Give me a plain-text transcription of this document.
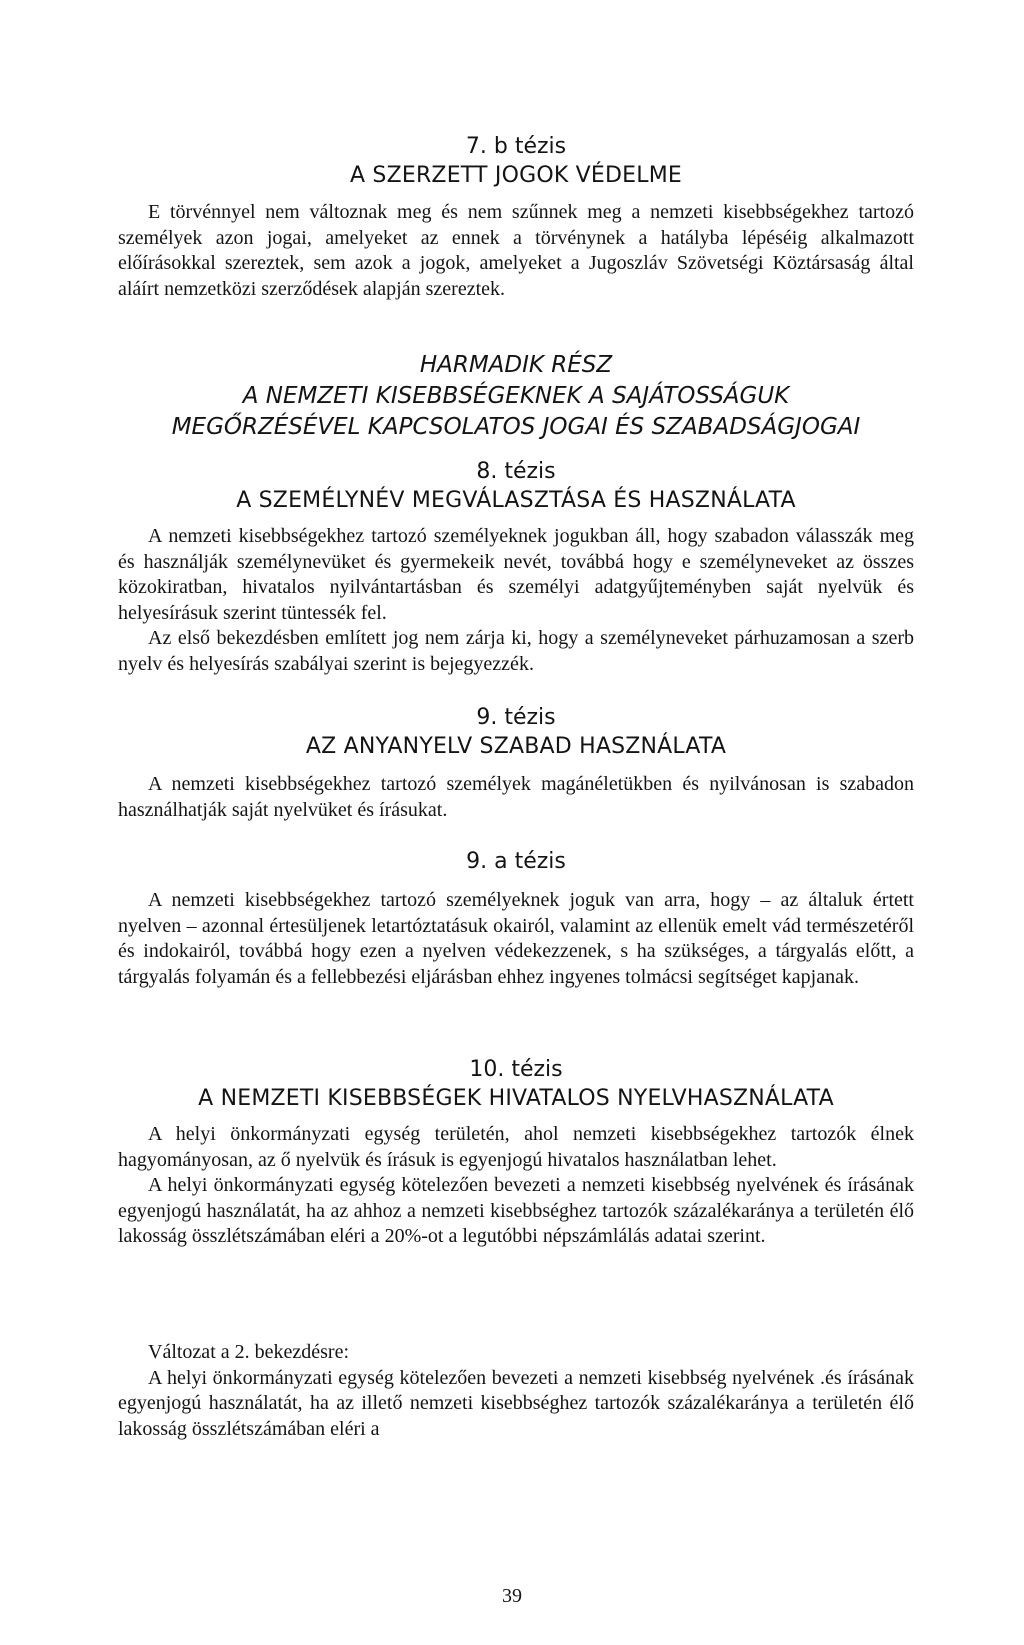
7. b tézis
A SZERZETT JOGOK VÉDELME

E törvénnyel nem változnak meg és nem szűnnek meg a nemzeti kisebbségekhez tartozó személyek azon jogai, amelyeket az ennek a törvénynek a hatályba lépéséig alkalmazott előírásokkal szereztek, sem azok a jogok, amelyeket a Jugoszláv Szövetségi Köztársaság által aláírt nemzetközi szerződések alapján szereztek.

HARMADIK RÉSZ
A NEMZETI KISEBBSÉGEKNEK A SAJÁTOSSÁGUK
MEGŐRZÉSÉVEL KAPCSOLATOS JOGAI ÉS SZABADSÁGJOGAI
8. tézis
A SZEMÉLYNÉV MEGVÁLASZTÁSA ÉS HASZNÁLATA

A nemzeti kisebbségekhez tartozó személyeknek jogukban áll, hogy szabadon válasszák meg és használják személynevüket és gyermekeik nevét, továbbá hogy e személyneveket az összes közokiratban, hivatalos nyilvántartásban és személyi adatgyűjteményben saját nyelvük és helyesírásuk szerint tüntessék fel.

Az első bekezdésben említett jog nem zárja ki, hogy a személyneveket párhuzamosan a szerb nyelv és helyesírás szabályai szerint is bejegyezzék.

9. tézis
AZ ANYANYELV SZABAD HASZNÁLATA

A nemzeti kisebbségekhez tartozó személyek magánéletükben és nyilvánosan is szabadon használhatják saját nyelvüket és írásukat.

9. a tézis

A nemzeti kisebbségekhez tartozó személyeknek joguk van arra, hogy – az általuk értett nyelven – azonnal értesüljenek letartóztatásuk okairól, valamint az ellenük emelt vád természetéről és indokairól, továbbá hogy ezen a nyelven védekezzenek, s ha szükséges, a tárgyalás előtt, a tárgyalás folyamán és a fellebbezési eljárásban ehhez ingyenes tolmácsi segítséget kapjanak.

10. tézis
A NEMZETI KISEBBSÉGEK HIVATALOS NYELVHASZNÁLATA

A helyi önkormányzati egység területén, ahol nemzeti kisebbségekhez tartozók élnek hagyományosan, az ő nyelvük és írásuk is egyenjogú hivatalos használatban lehet.

A helyi önkormányzati egység kötelezően bevezeti a nemzeti kisebbség nyelvének és írásának egyenjogú használatát, ha az ahhoz a nemzeti kisebbséghez tartozók százalékaránya a területén élő lakosság összlétszámában eléri a 20%-ot a legutóbbi népszámlálás adatai szerint.

Változat a 2. bekezdésre:

A helyi önkormányzati egység kötelezően bevezeti a nemzeti kisebbség nyelvének .és írásának egyenjogú használatát, ha az illető nemzeti kisebbséghez tartozók százalékaránya a területén élő lakosság összlétszámában eléri a

39
